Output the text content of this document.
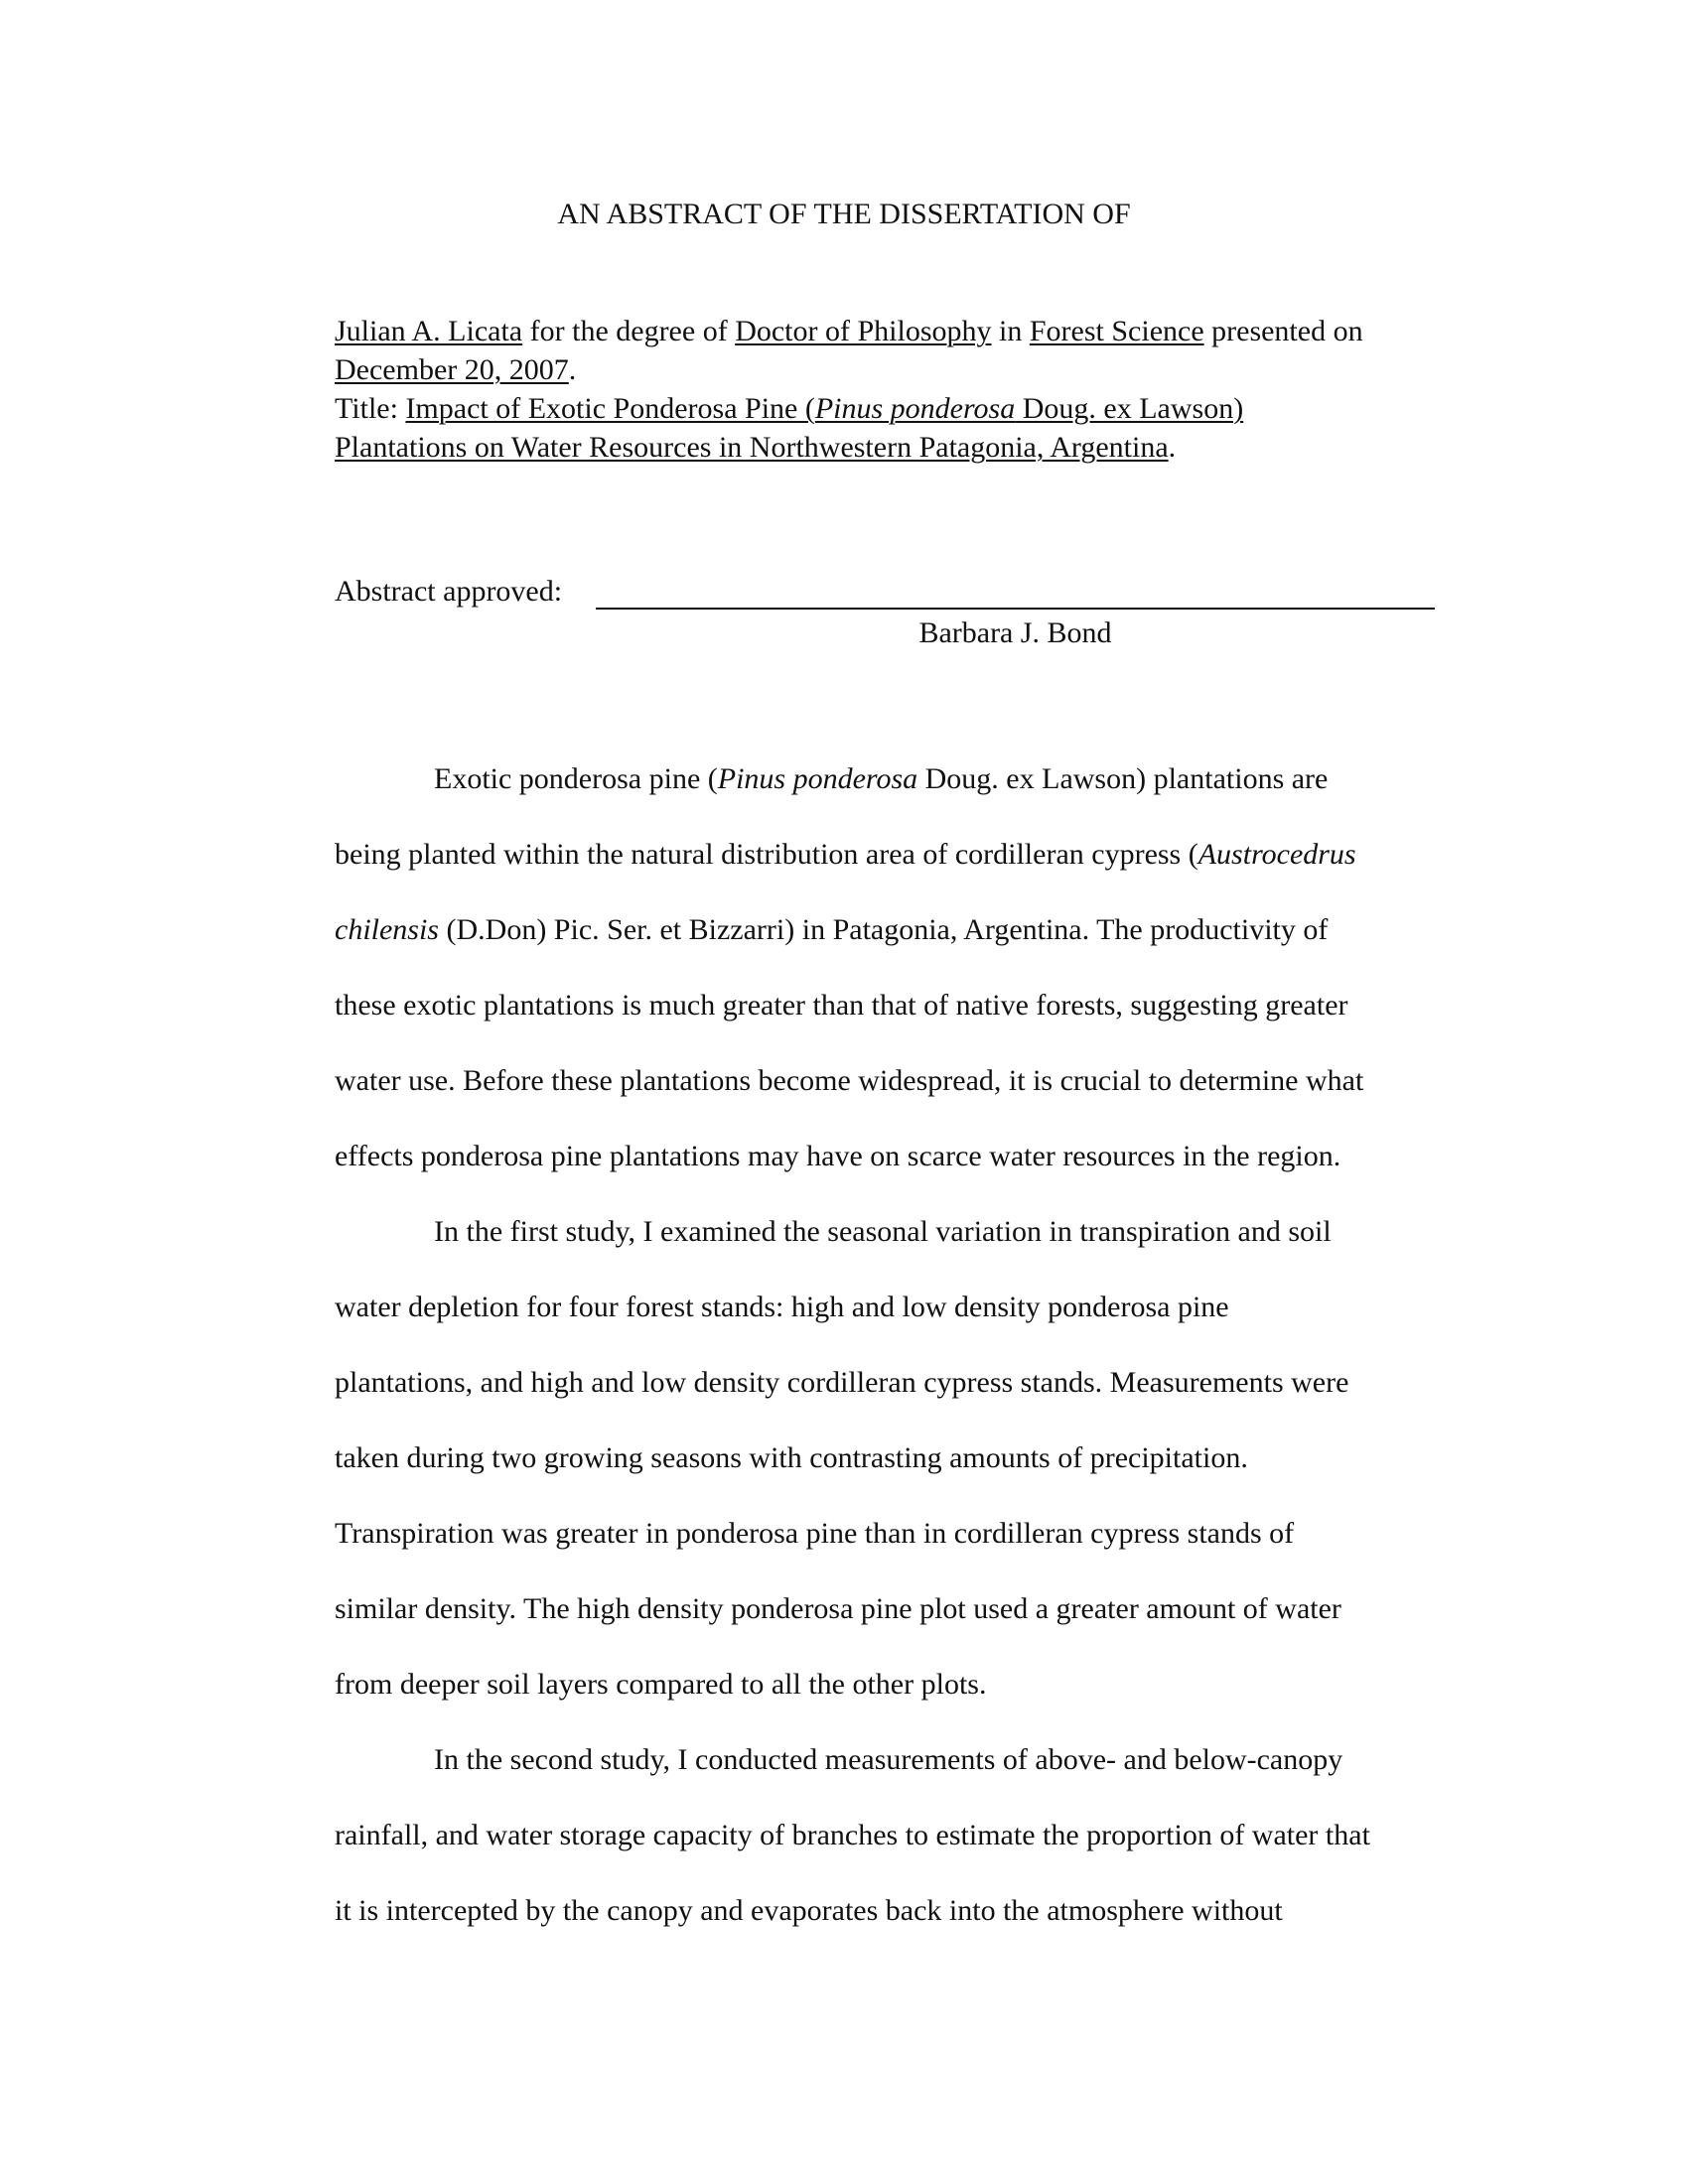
AN ABSTRACT OF THE DISSERTATION OF
Julian A. Licata for the degree of Doctor of Philosophy in Forest Science presented on
December 20, 2007.
Title: Impact of Exotic Ponderosa Pine (Pinus ponderosa Doug. ex Lawson)
Plantations on Water Resources in Northwestern Patagonia, Argentina.
Abstract approved:
Barbara J. Bond
Exotic ponderosa pine (Pinus ponderosa Doug. ex Lawson) plantations are
being planted within the natural distribution area of cordilleran cypress (Austrocedrus
chilensis (D.Don) Pic. Ser. et Bizzarri) in Patagonia, Argentina. The productivity of
these exotic plantations is much greater than that of native forests, suggesting greater
water use. Before these plantations become widespread, it is crucial to determine what
effects ponderosa pine plantations may have on scarce water resources in the region.
In the first study, I examined the seasonal variation in transpiration and soil
water depletion for four forest stands: high and low density ponderosa pine
plantations, and high and low density cordilleran cypress stands. Measurements were
taken during two growing seasons with contrasting amounts of precipitation.
Transpiration was greater in ponderosa pine than in cordilleran cypress stands of
similar density. The high density ponderosa pine plot used a greater amount of water
from deeper soil layers compared to all the other plots.
In the second study, I conducted measurements of above- and below-canopy
rainfall, and water storage capacity of branches to estimate the proportion of water that
it is intercepted by the canopy and evaporates back into the atmosphere without
